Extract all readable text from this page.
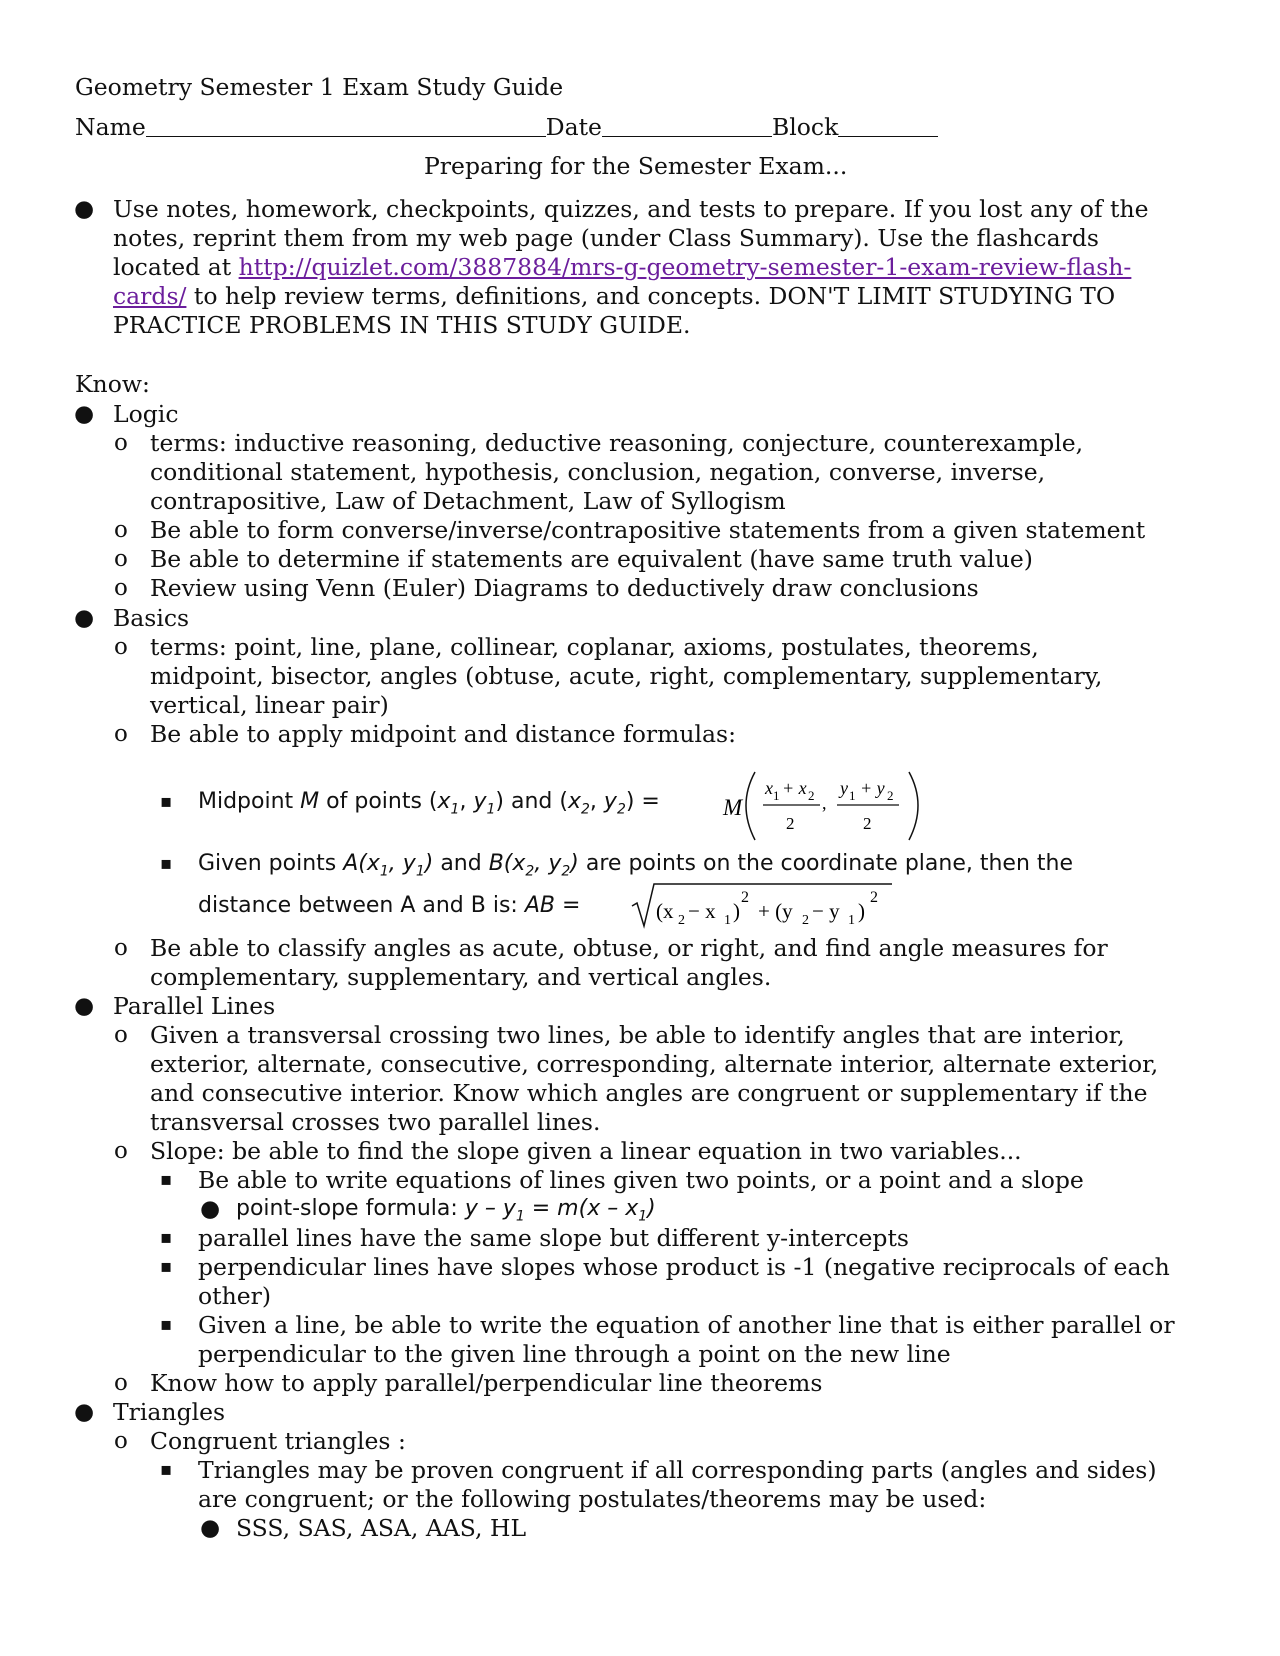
Geometry Semester 1 Exam Study Guide
Name	Date	Block
Preparing for the Semester Exam...
● Use notes, homework, checkpoints, quizzes, and tests to prepare. If you lost any of the
notes, reprint them from my web page (under Class Summary). Use the flashcards
located at http://quizlet.com/3887884/mrs-g-geometry-semester-1-exam-review-flash-
cards/ to help review terms, definitions, and concepts. DON'T LIMIT STUDYING TO
PRACTICE PROBLEMS IN THIS STUDY GUIDE.
Know:
● Logic
o terms: inductive reasoning, deductive reasoning, conjecture, counterexample,
conditional statement, hypothesis, conclusion, negation, converse, inverse,
contrapositive, Law of Detachment, Law of Syllogism
o Be able to form converse/inverse/contrapositive statements from a given statement
o Be able to determine if statements are equivalent (have same truth value)
o Review using Venn (Euler) Diagrams to deductively draw conclusions
● Basics
o terms: point, line, plane, collinear, coplanar, axioms, postulates, theorems,
midpoint, bisector, angles (obtuse, acute, right, complementary, supplementary,
vertical, linear pair)
o Be able to apply midpoint and distance formulas:
▪ Midpoint M of points ($x_1$, $y_1$) and ($x_2$, $y_2$) =	M
x 1 + x 2
2
,
y 1 + y 2
2
▪ Given points $A(x_1$, $y_1$) and $B(x_2$, $y_2$) are points on the coordinate plane, then the
distance between A and B is: AB =	(x 2 − x 1 )
2
+ (y 2 − y 1 )
2
o Be able to classify angles as acute, obtuse, or right, and find angle measures for
complementary, supplementary, and vertical angles.
● Parallel Lines
o Given a transversal crossing two lines, be able to identify angles that are interior,
exterior, alternate, consecutive, corresponding, alternate interior, alternate exterior,
and consecutive interior. Know which angles are congruent or supplementary if the
transversal crosses two parallel lines.
o Slope: be able to find the slope given a linear equation in two variables...
▪ Be able to write equations of lines given two points, or a point and a slope
● point-slope formula: $y - y_1 = m(x - x_1)$
▪ parallel lines have the same slope but different y-intercepts
▪ perpendicular lines have slopes whose product is -1 (negative reciprocals of each
other)
▪ Given a line, be able to write the equation of another line that is either parallel or
perpendicular to the given line through a point on the new line
o Know how to apply parallel/perpendicular line theorems
● Triangles
o Congruent triangles :
▪ Triangles may be proven congruent if all corresponding parts (angles and sides)
are congruent; or the following postulates/theorems may be used:
● SSS, SAS, ASA, AAS, HL
